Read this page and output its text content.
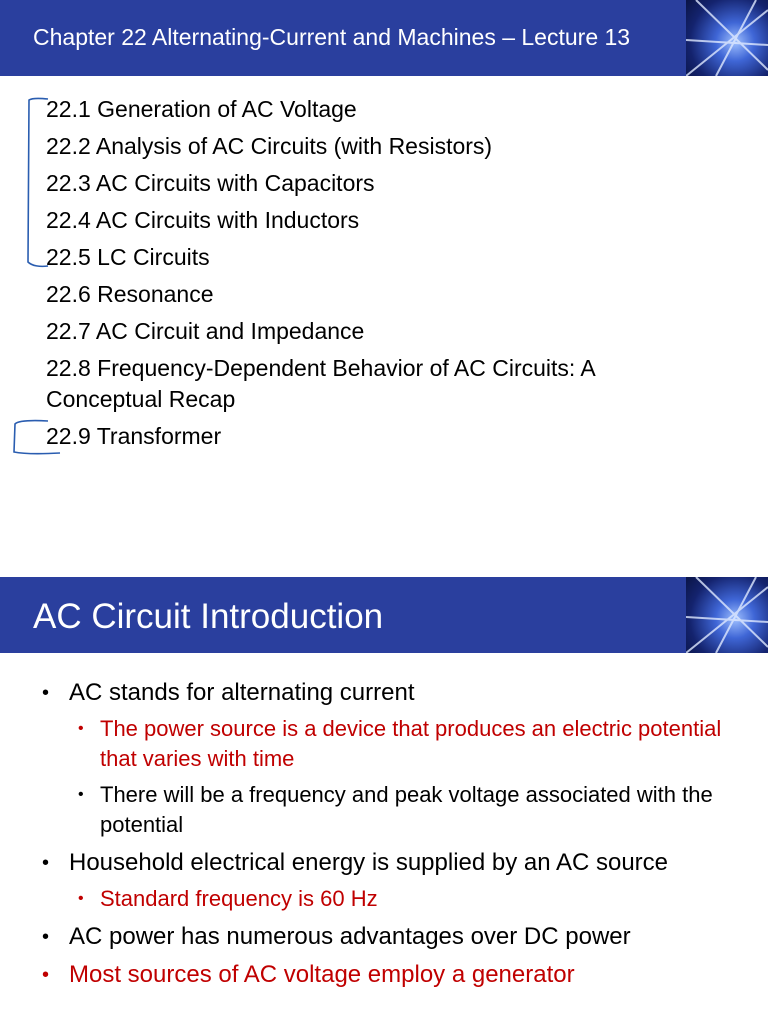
Chapter 22 Alternating-Current and Machines – Lecture 13
22.1 Generation of AC Voltage
22.2 Analysis of AC Circuits (with Resistors)
22.3 AC Circuits with Capacitors
22.4 AC Circuits with Inductors
22.5 LC Circuits
22.6 Resonance
22.7 AC Circuit and Impedance
22.8 Frequency-Dependent Behavior of AC Circuits: A Conceptual Recap
22.9 Transformer
AC Circuit Introduction
• AC stands for alternating current
• The power source is a device that produces an electric potential that varies with time
• There will be a frequency and peak voltage associated with the potential
• Household electrical energy is supplied by an AC source
• Standard frequency is 60 Hz
• AC power has numerous advantages over DC power
• Most sources of AC voltage employ a generator
